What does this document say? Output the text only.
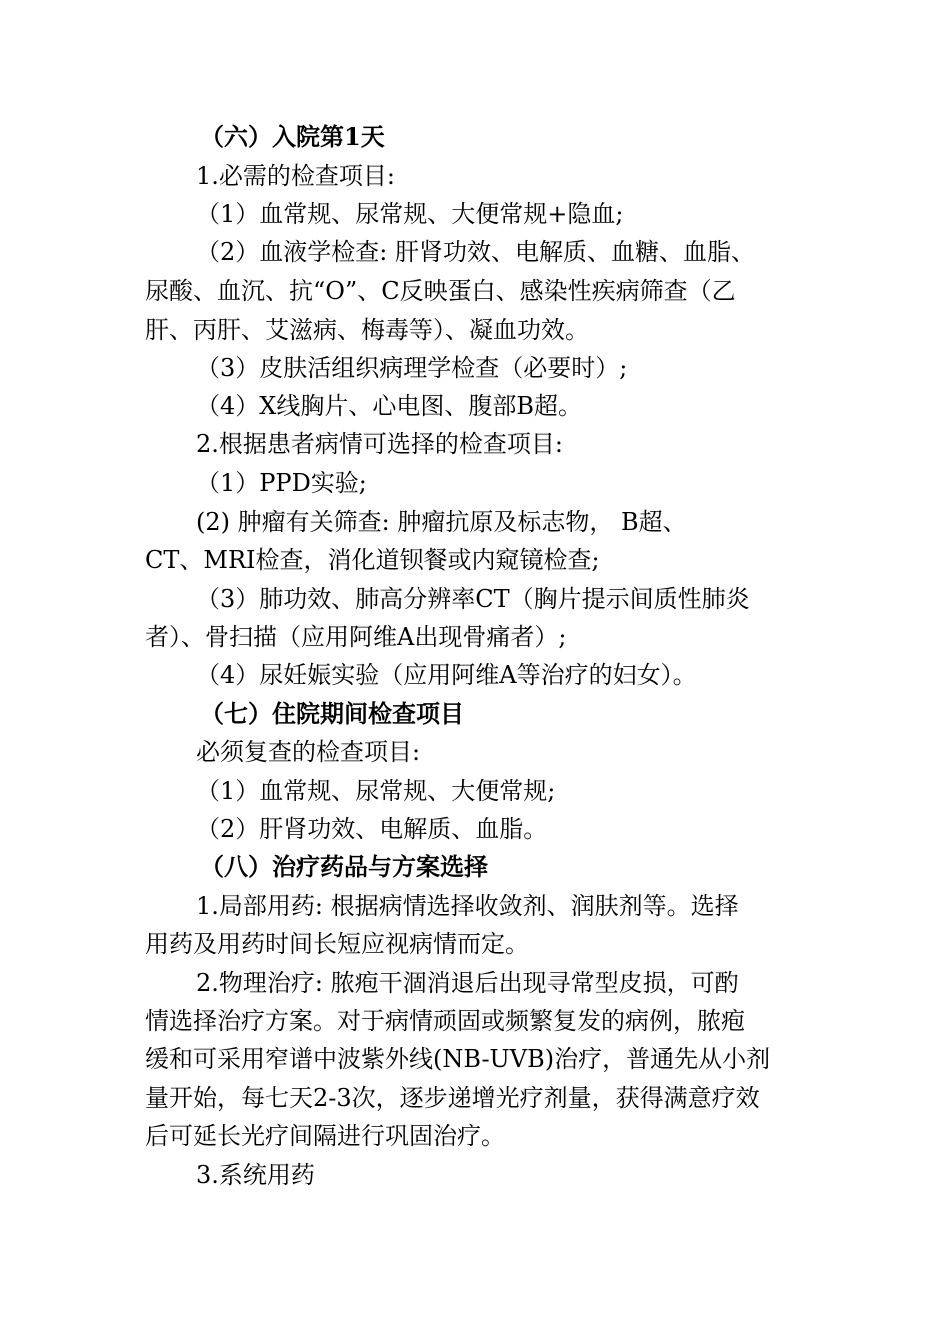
（六）入院第1天
1.必需的检查项目:
（1）血常规、尿常规、大便常规+隐血;
（2）血液学检查: 肝肾功效、电解质、血糖、血脂、
尿酸、血沉、抗“O”、C反映蛋白、感染性疾病筛查（乙
肝、丙肝、艾滋病、梅毒等）、凝血功效。
（3）皮肤活组织病理学检查（必要时）;
（4）X线胸片、心电图、腹部B超。
2.根据患者病情可选择的检查项目:
（1）PPD实验;
(2) 肿瘤有关筛查: 肿瘤抗原及标志物， B超、
CT、MRI检查，消化道钡餐或内窥镜检查;
（3）肺功效、肺高分辨率CT（胸片提示间质性肺炎
者）、骨扫描（应用阿维A出现骨痛者）;
（4）尿妊娠实验（应用阿维A等治疗的妇女）。
（七）住院期间检查项目
必须复查的检查项目:
（1）血常规、尿常规、大便常规;
（2）肝肾功效、电解质、血脂。
（八）治疗药品与方案选择
1.局部用药: 根据病情选择收敛剂、润肤剂等。选择
用药及用药时间长短应视病情而定。
2.物理治疗: 脓疱干涸消退后出现寻常型皮损，可酌
情选择治疗方案。对于病情顽固或频繁复发的病例，脓疱
缓和可采用窄谱中波紫外线(NB-UVB)治疗，普通先从小剂
量开始，每七天2-3次，逐步递增光疗剂量，获得满意疗效
后可延长光疗间隔进行巩固治疗。
3.系统用药
